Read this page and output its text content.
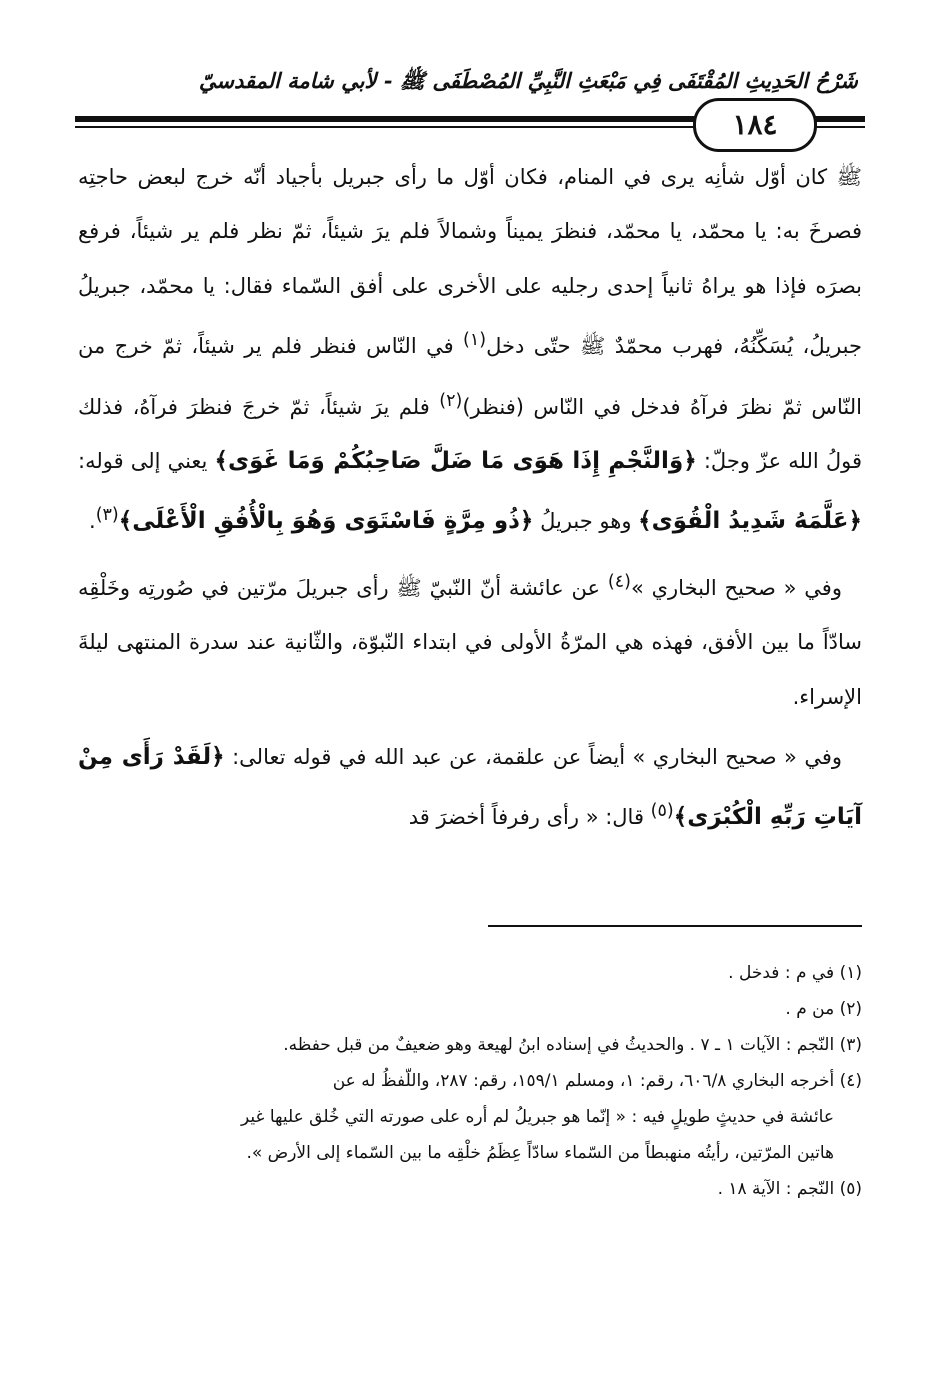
شَرْحُ الحَدِيثِ المُقْتَفَى فِي مَبْعَثِ النَّبِيِّ المُصْطَفَى ﷺ - لأبي شامة المقدسيّ
١٨٤

ﷺ كان أوّل شأنِه يرى في المنام، فكان أوّل ما رأى جبريل بأجياد أنّه خرج لبعض حاجتِه فصرخَ به: يا محمّد، يا محمّد، فنظرَ يميناً وشمالاً فلم يرَ شيئاً، ثمّ نظر فلم ير شيئاً، فرفع بصرَه فإذا هو يراهُ ثانياً إحدى رجليه على الأخرى على أفق السّماء فقال: يا محمّد، جبريلُ جبريلُ، يُسَكِّنُهُ، فهرب محمّدٌ ﷺ حتّى دخل$^{(١)}$ في النّاس فنظر فلم ير شيئاً، ثمّ خرج من النّاس ثمّ نظرَ فرآهُ فدخل في النّاس (فنظر)$^{(٢)}$ فلم يرَ شيئاً، ثمّ خرجَ فنظرَ فرآهُ، فذلك قولُ الله عزّ وجلّ: ﴿وَالنَّجْمِ إِذَا هَوَى مَا ضَلَّ صَاحِبُكُمْ وَمَا غَوَى﴾ يعني إلى قوله: ﴿عَلَّمَهُ شَدِيدُ الْقُوَى﴾ وهو جبريلُ ﴿ذُو مِرَّةٍ فَاسْتَوَى وَهُوَ بِالْأُفُقِ الْأَعْلَى﴾$^{(٣)}$.

وفي « صحيح البخاري »$^{(٤)}$ عن عائشة أنّ النّبيّ ﷺ رأى جبريلَ مرّتين في صُورتِه وخَلْقِه سادّاً ما بين الأفق، فهذه هي المرّةُ الأولى في ابتداء النّبوّة، والثّانية عند سدرة المنتهى ليلةَ الإسراء.

وفي « صحيح البخاري » أيضاً عن علقمة، عن عبد الله في قوله تعالى: ﴿لَقَدْ رَأَى مِنْ آيَاتِ رَبِّهِ الْكُبْرَى﴾$^{(٥)}$ قال: « رأى رفرفاً أخضرَ قد

(١) في م : فدخل .

(٢) من م .

(٣) النّجم : الآيات ١ ـ ٧ . والحديثُ في إسناده ابنُ لهيعة وهو ضعيفٌ من قبل حفظه.

(٤) أخرجه البخاري ٦٠٦/٨، رقم: ١، ومسلم ١٥٩/١، رقم: ٢٨٧، واللّفظُ له عن

عائشة في حديثٍ طويلٍ فيه : « إنّما هو جبريلُ لم أره على صورته التي خُلق عليها غير

هاتين المرّتين، رأيتُه منهبطاً من السّماء سادّاً عِظَمُ خلْقِه ما بين السّماء إلى الأرض ».

(٥) النّجم : الآية ١٨ .
